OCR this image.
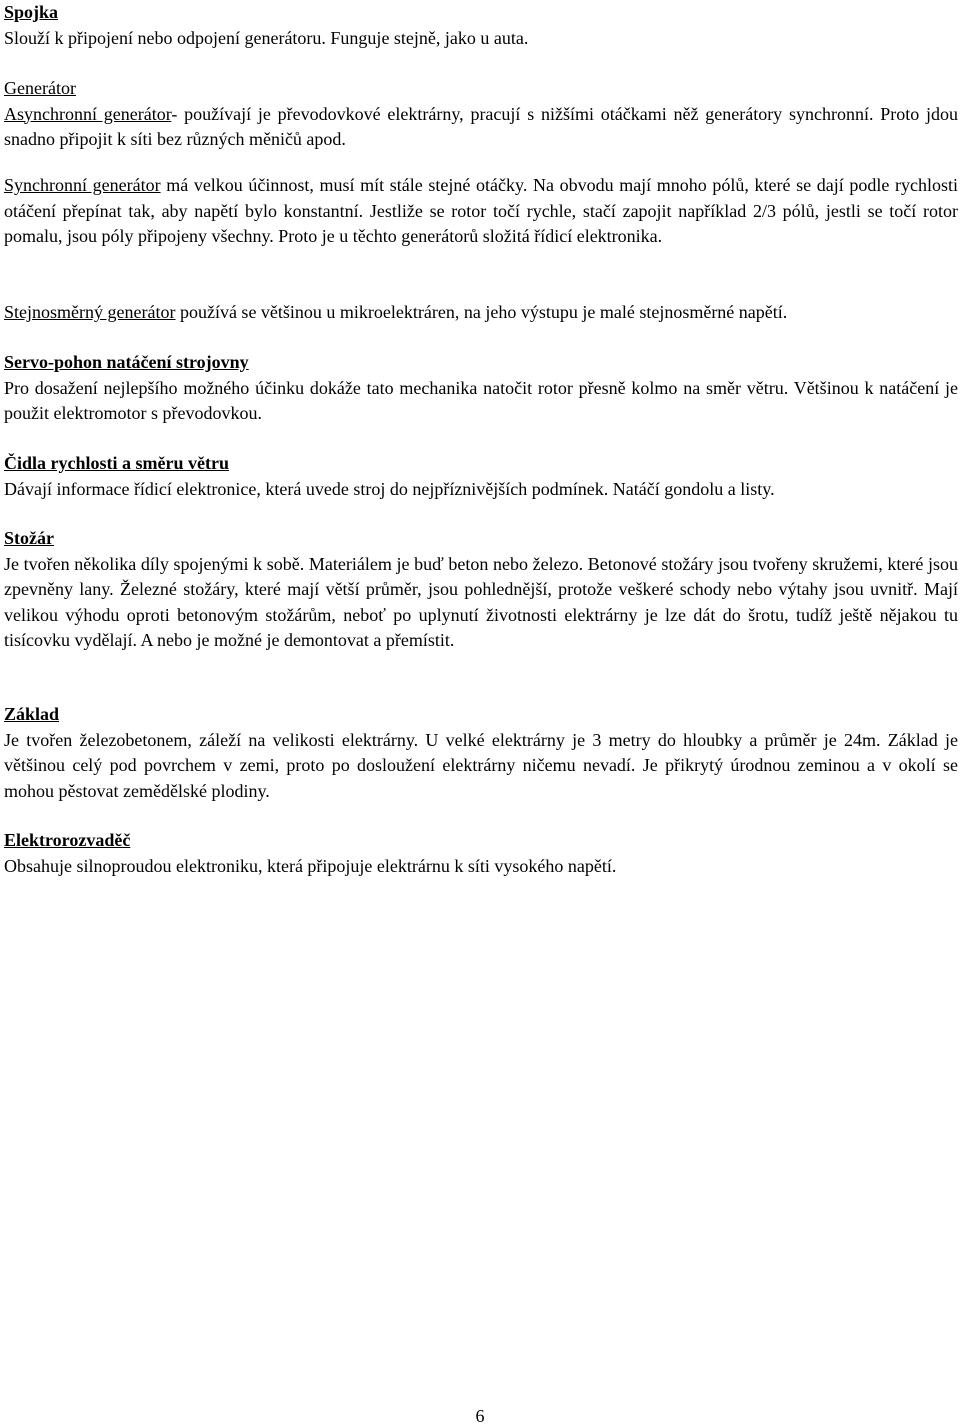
Spojka

Slouží k připojení nebo odpojení generátoru. Funguje stejně, jako u auta.

Generátor

Asynchronní generátor- používají je převodovkové elektrárny, pracují s nižšími otáčkami něž generátory synchronní. Proto jdou snadno připojit k síti bez různých měničů apod.

Synchronní generátor má velkou účinnost, musí mít stále stejné otáčky. Na obvodu mají mnoho pólů, které se dají podle rychlosti otáčení přepínat tak, aby napětí bylo konstantní. Jestliže se rotor točí rychle, stačí zapojit například 2/3 pólů, jestli se točí rotor pomalu, jsou póly připojeny všechny. Proto je u těchto generátorů složitá řídicí elektronika.

Stejnosměrný generátor používá se většinou u mikroelektráren, na jeho výstupu je malé stejnosměrné napětí.

Servo-pohon natáčení strojovny

Pro dosažení nejlepšího možného účinku dokáže tato mechanika natočit rotor přesně kolmo na směr větru. Většinou k natáčení je použit elektromotor s převodovkou.

Čidla rychlosti a směru větru

Dávají informace řídicí elektronice, která uvede stroj do nejpříznivějších podmínek. Natáčí gondolu a listy.

Stožár

Je tvořen několika díly spojenými k sobě. Materiálem je buď beton nebo železo. Betonové stožáry jsou tvořeny skružemi, které jsou zpevněny lany. Železné stožáry, které mají větší průměr, jsou pohlednější, protože veškeré schody nebo výtahy jsou uvnitř. Mají velikou výhodu oproti betonovým stožárům, neboť po uplynutí životnosti elektrárny je lze dát do šrotu, tudíž ještě nějakou tu tisícovku vydělají. A nebo je možné je demontovat a přemístit.

Základ

Je tvořen železobetonem, záleží na velikosti elektrárny. U velké elektrárny je 3 metry do hloubky a průměr je 24m. Základ je většinou celý pod povrchem v zemi, proto po dosloužení elektrárny ničemu nevadí. Je přikrytý úrodnou zeminou a v okolí se mohou pěstovat zemědělské plodiny.

Elektrorozvaděč

Obsahuje silnoproudou elektroniku, která připojuje elektrárnu k síti vysokého napětí.

6
